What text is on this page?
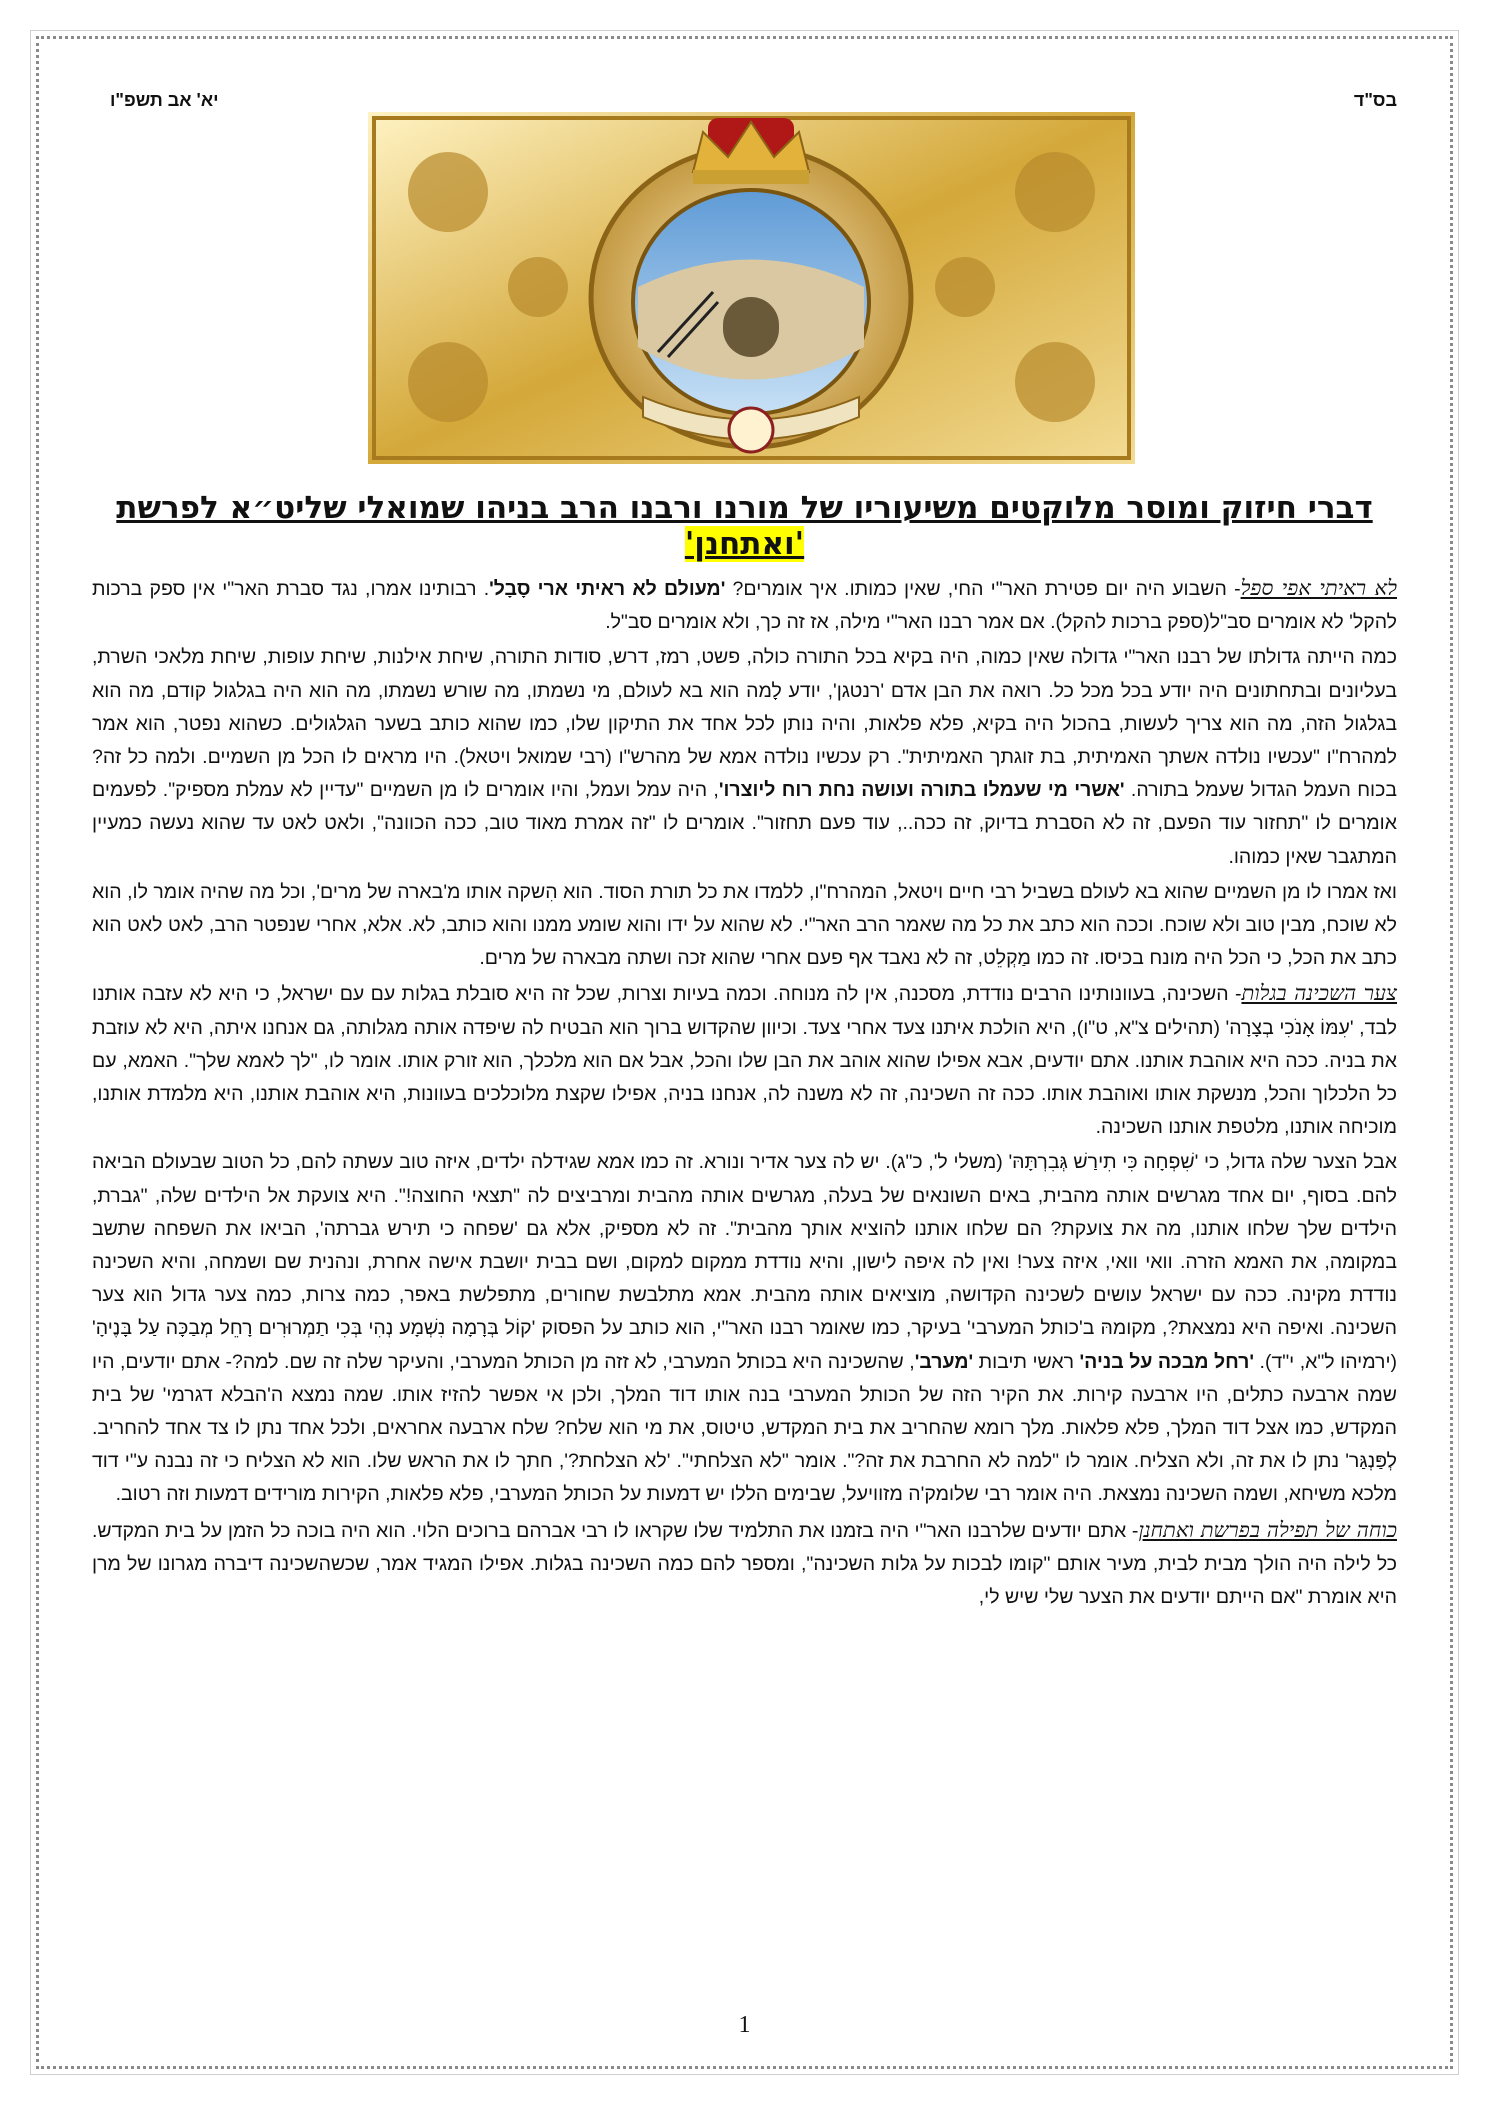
בס"ד
יא' אב תשפ"ו
דברי חיזוק ומוסר מלוקטים משיעוריו של מורנו ורבנו הרב בניהו שמואלי שליט״א לפרשת 'ואתחנן'

לא ראיתי אפי ספל- השבוע היה יום פטירת האר"י החי, שאין כמותו. איך אומרים? 'מעולם לא ראיתי ארי סָבָל'. רבותינו אמרו, נגד סברת האר"י אין ספק ברכות להקל' לא אומרים סב"ל(ספק ברכות להקל). אם אמר רבנו האר"י מילה, אז זה כך, ולא אומרים סב"ל.

כמה הייתה גדולתו של רבנו האר"י גדולה שאין כמוה, היה בקיא בכל התורה כולה, פשט, רמז, דרש, סודות התורה, שיחת אילנות, שיחת עופות, שיחת מלאכי השרת, בעליונים ובתחתונים היה יודע בכל מכל כל. רואה את הבן אדם 'רנטגן', יודע לָמה הוא בא לעולם, מי נשמתו, מה שורש נשמתו, מה הוא היה בגלגול קודם, מה הוא בגלגול הזה, מה הוא צריך לעשות, בהכול היה בקיא, פלא פלאות, והיה נותן לכל אחד את התיקון שלו, כמו שהוא כותב בשער הגלגולים. כשהוא נפטר, הוא אמר למהרח"ו "עכשיו נולדה אשתך האמיתית, בת זוגתך האמיתית". רק עכשיו נולדה אמא של מהרש"ו (רבי שמואל ויטאל). היו מראים לו הכל מן השמיים. ולמה כל זה? בכוח העמל הגדול שעמל בתורה. 'אשרי מי שעמלו בתורה ועושה נחת רוח ליוצרו', היה עמל ועמל, והיו אומרים לו מן השמיים "עדיין לא עמלת מספיק". לפעמים אומרים לו "תחזור עוד הפעם, זה לא הסברת בדיוק, זה ככה.., עוד פעם תחזור". אומרים לו "זה אמרת מאוד טוב, ככה הכוונה", ולאט לאט עד שהוא נעשה כמעיין המתגבר שאין כמוהו.

ואז אמרו לו מן השמיים שהוא בא לעולם בשביל רבי חיים ויטאל, המהרח"ו, ללמדו את כל תורת הסוד. הוא הִשקה אותו מ'בארה של מרים', וכל מה שהיה אומר לו, הוא לא שוכח, מבין טוב ולא שוכח. וככה הוא כתב את כל מה שאמר הרב האר"י. לא שהוא על ידו והוא שומע ממנו והוא כותב, לא. אלא, אחרי שנפטר הרב, לאט לאט הוא כתב את הכל, כי הכל היה מונח בכיסו. זה כמו מַקְלֵט, זה לא נאבד אף פעם אחרי שהוא זכה ושתה מבארה של מרים.

צער השכינה בגלות- השכינה, בעוונותינו הרבים נודדת, מסכנה, אין לה מנוחה. וכמה בעיות וצרות, שכל זה היא סובלת בגלות עם עם ישראל, כי היא לא עזבה אותנו לבד, 'עִמּוֹ אָנֹכִי בְצָרָה' (תהילים צ"א, ט"ו), היא הולכת איתנו צעד אחרי צעד. וכיוון שהקדוש ברוך הוא הבטיח לה שיפדה אותה מגלותה, גם אנחנו איתה, היא לא עוזבת את בניה. ככה היא אוהבת אותנו. אתם יודעים, אבא אפילו שהוא אוהב את הבן שלו והכל, אבל אם הוא מלכלך, הוא זורק אותו. אומר לו, "לך לאמא שלך". האמא, עם כל הלכלוך והכל, מנשקת אותו ואוהבת אותו. ככה זה השכינה, זה לא משנה לה, אנחנו בניה, אפילו שקצת מלוכלכים בעוונות, היא אוהבת אותנו, היא מלמדת אותנו, מוכיחה אותנו, מלטפת אותנו השכינה.

אבל הצער שלה גדול, כי 'שִׁפְחָה כִּי תִירַשׁ גְּבִרְתָּהּ' (משלי ל', כ"ג). יש לה צער אדיר ונורא. זה כמו אמא שגידלה ילדים, איזה טוב עשתה להם, כל הטוב שבעולם הביאה להם. בסוף, יום אחד מגרשים אותה מהבית, באים השונאים של בעלה, מגרשים אותה מהבית ומרביצים לה "תצאי החוצה!". היא צועקת אל הילדים שלה, "גברת, הילדים שלך שלחו אותנו, מה את צועקת? הם שלחו אותנו להוציא אותך מהבית". זה לא מספיק, אלא גם 'שפחה כי תירש גברתה', הביאו את השפחה שתשב במקומה, את האמא הזרה. וואי וואי, איזה צער! ואין לה איפה לישון, והיא נודדת ממקום למקום, ושם בבית יושבת אישה אחרת, ונהנית שם ושמחה, והיא השכינה נודדת מקינה. ככה עם ישראל עושים לשכינה הקדושה, מוציאים אותה מהבית. אמא מתלבשת שחורים, מתפלשת באפר, כמה צרות, כמה צער גדול הוא צער השכינה. ואיפה היא נמצאת?, מקומהּ ב'כותל המערבי' בעיקר, כמו שאומר רבנו האר"י, הוא כותב על הפסוק 'קוֹל בְּרָמָה נִשְׁמָע נְהִי בְּכִי תַמְרוּרִים רָחֵל מְבַכָּה עַל בָּנֶיהָ' (ירמיהו ל"א, י"ד). 'רחל מבכה על בניה' ראשי תיבות 'מערב', שהשכינה היא בכותל המערבי, לא זזה מן הכותל המערבי, והעיקר שלה זה שם. למה?- אתם יודעים, היו שמה ארבעה כתלים, היו ארבעה קירות. את הקיר הזה של הכותל המערבי בנה אותו דוד המלך, ולכן אי אפשר להזיז אותו. שמה נמצא ה'הבלא דגרמי' של בית המקדש, כמו אצל דוד המלך, פלא פלאות. מלך רומא שהחריב את בית המקדש, טיטוס, את מי הוא שלח? שלח ארבעה אחראים, ולכל אחד נתן לו צד אחד להחריב. לְפַּנְגַּר' נתן לו את זה, ולא הצליח. אומר לו "למה לא החרבת את זה?". אומר "לא הצלחתי". 'לא הצלחת?', חתך לו את הראש שלו. הוא לא הצליח כי זה נבנה ע"י דוד מלכא משיחא, ושמה השכינה נמצאת. היה אומר רבי שלומק'ה מזוויעל, שבימים הללו יש דמעות על הכותל המערבי, פלא פלאות, הקירות מורידים דמעות וזה רטוב.

כוחה של תפילה בפרשת ואתחנן- אתם יודעים שלרבנו האר"י היה בזמנו את התלמיד שלו שקראו לו רבי אברהם ברוכים הלוי. הוא היה בוכה כל הזמן על בית המקדש. כל לילה היה הולך מבית לבית, מעיר אותם "קומו לבכות על גלות השכינה", ומספר להם כמה השכינה בגלות. אפילו המגיד אמר, שכשהשכינה דיברה מגרונו של מרן היא אומרת "אם הייתם יודעים את הצער שלי שיש לי,

1
